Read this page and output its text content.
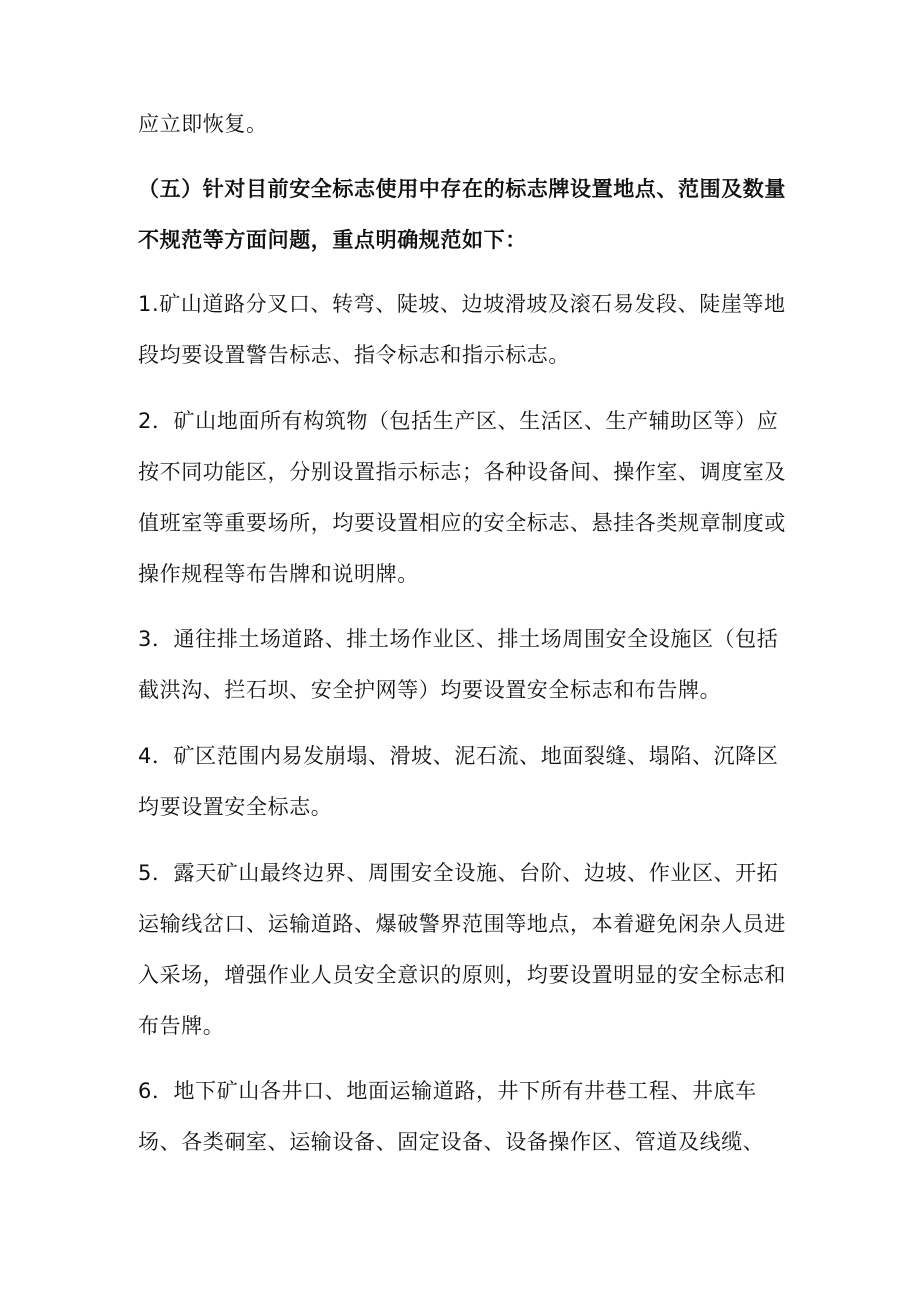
应立即恢复。
（五）针对目前安全标志使用中存在的标志牌设置地点、范围及数量
不规范等方面问题，重点明确规范如下：
1.矿山道路分叉口、转弯、陡坡、边坡滑坡及滚石易发段、陡崖等地
段均要设置警告标志、指令标志和指示标志。
2．矿山地面所有构筑物（包括生产区、生活区、生产辅助区等）应
按不同功能区，分别设置指示标志；各种设备间、操作室、调度室及
值班室等重要场所，均要设置相应的安全标志、悬挂各类规章制度或
操作规程等布告牌和说明牌。
3．通往排土场道路、排土场作业区、排土场周围安全设施区（包括
截洪沟、拦石坝、安全护网等）均要设置安全标志和布告牌。
4．矿区范围内易发崩塌、滑坡、泥石流、地面裂缝、塌陷、沉降区
均要设置安全标志。
5．露天矿山最终边界、周围安全设施、台阶、边坡、作业区、开拓
运输线岔口、运输道路、爆破警界范围等地点，本着避免闲杂人员进
入采场，增强作业人员安全意识的原则，均要设置明显的安全标志和
布告牌。
6．地下矿山各井口、地面运输道路，井下所有井巷工程、井底车
场、各类硐室、运输设备、固定设备、设备操作区、管道及线缆、
